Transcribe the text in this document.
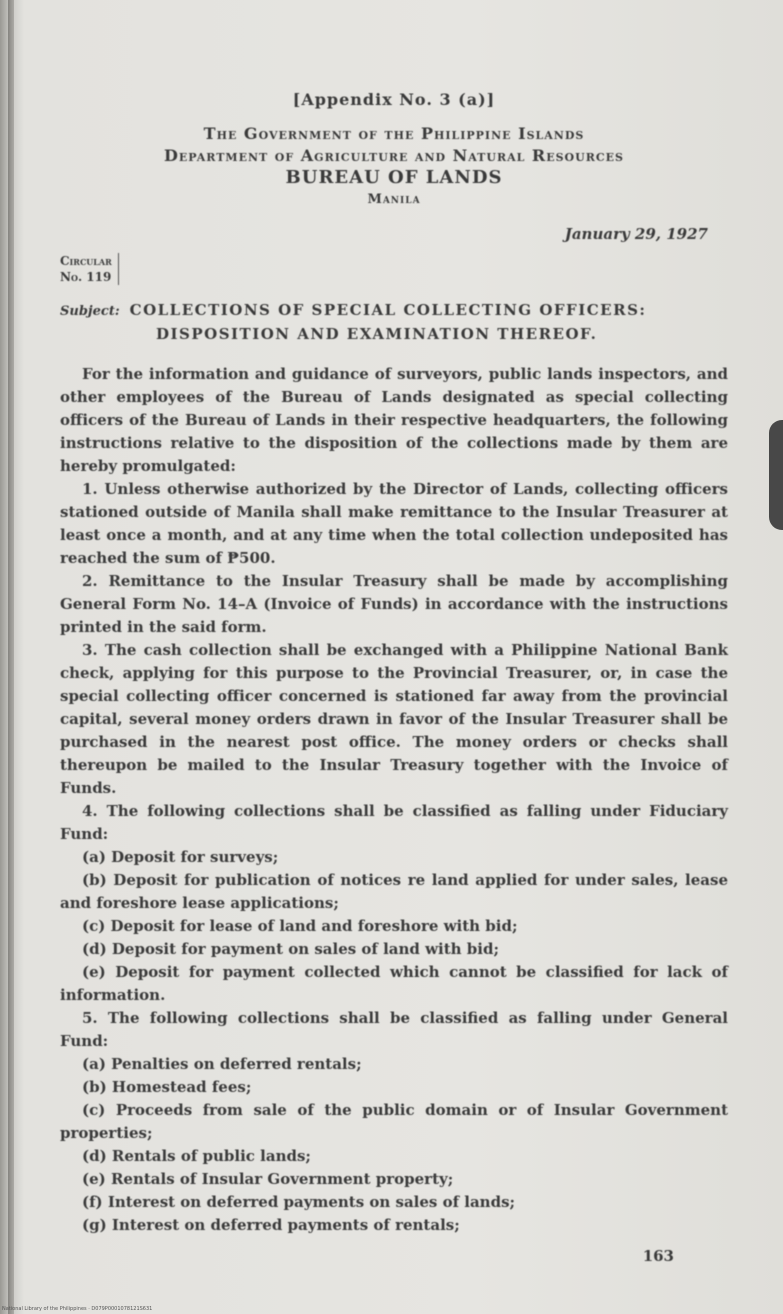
[Appendix No. 3 (a)]
The Government of the Philippine Islands
Department of Agriculture and Natural Resources
BUREAU OF LANDS
Manila
January 29, 1927
Circular
No. 119
Subject: COLLECTIONS OF SPECIAL COLLECTING OFFICERS:
DISPOSITION AND EXAMINATION THEREOF.

For the information and guidance of surveyors, public lands inspectors, and other employees of the Bureau of Lands designated as special collecting officers of the Bureau of Lands in their respective headquarters, the following instructions relative to the disposition of the collections made by them are hereby promulgated:

1. Unless otherwise authorized by the Director of Lands, collecting officers stationed outside of Manila shall make remittance to the Insular Treasurer at least once a month, and at any time when the total collection undeposited has reached the sum of ₱500.

2. Remittance to the Insular Treasury shall be made by accomplishing General Form No. 14–A (Invoice of Funds) in accordance with the instructions printed in the said form.

3. The cash collection shall be exchanged with a Philippine National Bank check, applying for this purpose to the Provincial Treasurer, or, in case the special collecting officer concerned is stationed far away from the provincial capital, several money orders drawn in favor of the Insular Treasurer shall be purchased in the nearest post office. The money orders or checks shall thereupon be mailed to the Insular Treasury together with the Invoice of Funds.

4. The following collections shall be classified as falling under Fiduciary Fund:

(a) Deposit for surveys;

(b) Deposit for publication of notices re land applied for under sales, lease and foreshore lease applications;

(c) Deposit for lease of land and foreshore with bid;

(d) Deposit for payment on sales of land with bid;

(e) Deposit for payment collected which cannot be classified for lack of information.

5. The following collections shall be classified as falling under General Fund:

(a) Penalties on deferred rentals;

(b) Homestead fees;

(c) Proceeds from sale of the public domain or of Insular Government properties;

(d) Rentals of public lands;

(e) Rentals of Insular Government property;

(f) Interest on deferred payments on sales of lands;

(g) Interest on deferred payments of rentals;

163
National Library of the Philippines · D079P0001078121S631
